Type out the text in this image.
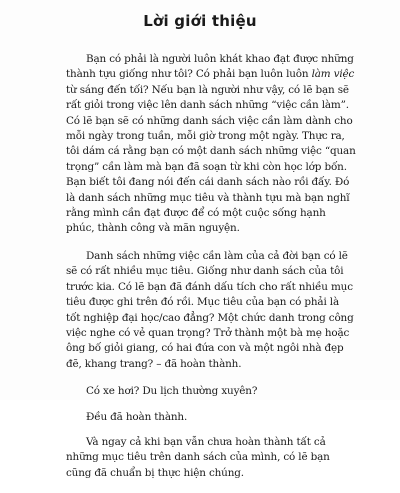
Lời giới thiệu

Bạn có phải là người luôn khát khao đạt được những thành tựu giống như tôi? Có phải bạn luôn luôn làm việc từ sáng đến tối? Nếu bạn là người như vậy, có lẽ bạn sẽ rất giỏi trong việc lên danh sách những “việc cần làm”. Có lẽ bạn sẽ có những danh sách việc cần làm dành cho mỗi ngày trong tuần, mỗi giờ trong một ngày. Thực ra, tôi dám cá rằng bạn có một danh sách những việc “quan trọng” cần làm mà bạn đã soạn từ khi còn học lớp bốn. Bạn biết tôi đang nói đến cái danh sách nào rồi đấy. Đó là danh sách những mục tiêu và thành tựu mà bạn nghĩ rằng mình cần đạt được để có một cuộc sống hạnh phúc, thành công và mãn nguyện.

Danh sách những việc cần làm của cả đời bạn có lẽ sẽ có rất nhiều mục tiêu. Giống như danh sách của tôi trước kia. Có lẽ bạn đã đánh dấu tích cho rất nhiều mục tiêu được ghi trên đó rồi. Mục tiêu của bạn có phải là tốt nghiệp đại học/cao đẳng? Một chức danh trong công việc nghe có vẻ quan trọng? Trở thành một bà mẹ hoặc ông bố giỏi giang, có hai đứa con và một ngôi nhà đẹp đẽ, khang trang? – đã hoàn thành.

Có xe hơi? Du lịch thường xuyên?

Đều đã hoàn thành.

Và ngay cả khi bạn vẫn chưa hoàn thành tất cả những mục tiêu trên danh sách của mình, có lẽ bạn cũng đã chuẩn bị thực hiện chúng.
